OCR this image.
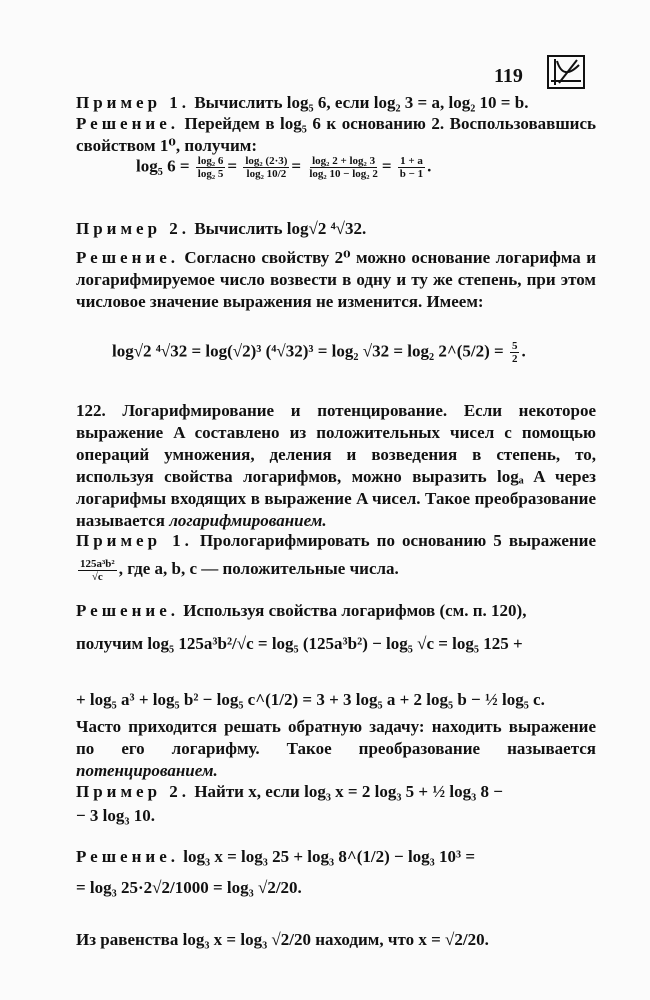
119
Пример 1. Вычислить log₅ 6, если log₂ 3 = a, log₂ 10 = b.
Решение. Перейдем в log₅ 6 к основанию 2. Воспользовавшись свойством 1⁰, получим:
log₅ $6 = \frac{\text{log₂ 6}}{\text{log₂ 5}} = \frac{\text{log₂ (2·3)}}{\text{log₂ 10/2}} = \frac{\text{log₂ 2 + log₂ 3}}{\text{log₂ 10 − log₂ 2}} = \frac{1 + a}{b - 1}$ .
Пример 2. Вычислить log√2 ⁴√32.
Решение. Согласно свойству 2⁰ можно основание логарифма и логарифмируемое число возвести в одну и ту же степень, при этом числовое значение выражения не изменится. Имеем:
log√2 ⁴√32 = log(√2)³ (⁴√32)³ = log₂ √32 = log₂ 2^(5/2) = $\frac{5}{2}$ .
122. Логарифмирование и потенцирование. Если некоторое выражение A составлено из положительных чисел с помощью операций умножения, деления и возведения в степень, то, используя свойства логарифмов, можно выразить logₐ A через логарифмы входящих в выражение A чисел. Такое преобразование называется логарифмированием.
Пример 1. Прологарифмировать по основанию 5 выражение
$\frac{\text{125a³b²}}{√c}$ , где a, b, c — положительные числа.
Решение. Используя свойства логарифмов (см. п. 120),
получим log₅ 125a³b²/√c = log₅ (125a³b²) − log₅ √c = log₅ 125 +
+ log₅ a³ + log₅ b² − log₅ c^(1/2) = 3 + 3 log₅ a + 2 log₅ b − ½ log₅ c.
Часто приходится решать обратную задачу: находить выражение по его логарифму. Такое преобразование называется потенцированием.
Пример 2. Найти x, если log₃ x = 2 log₃ 5 + ½ log₃ 8 −
− 3 log₃ 10.
Решение. log₃ x = log₃ 25 + log₃ 8^(1/2) − log₃ 10³ =
= log₃ 25·2√2/1000 = log₃ √2/20.
Из равенства log₃ x = log₃ √2/20 находим, что x = √2/20.
